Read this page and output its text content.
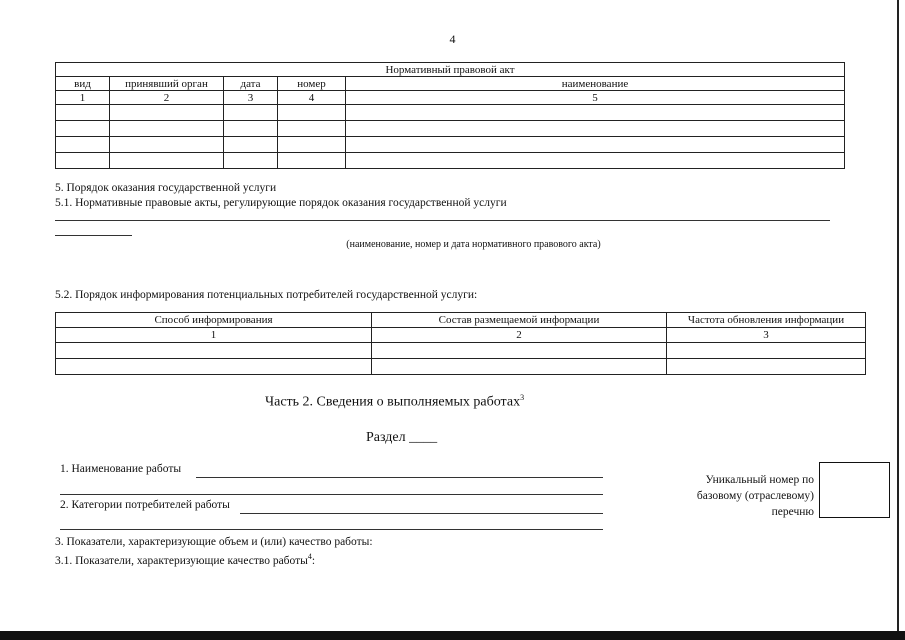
4
Нормативный правовой акт				
вид	принявший орган	дата	номер	наименование
1	2	3	4	5

5. Порядок оказания государственной услуги
5.1. Нормативные правовые акты, регулирующие порядок оказания государственной услуги
(наименование, номер и дата нормативного правового акта)
5.2. Порядок информирования потенциальных потребителей государственной услуги:
Способ информирования	Состав размещаемой информации	Частота обновления информации
1	2	3

Часть 2. Сведения о выполняемых работах$^3$
Раздел ____
1. Наименование работы
2. Категории потребителей работы
Уникальный номер по
базовому (отраслевому)
перечню
3. Показатели, характеризующие объем и (или) качество работы:
3.1. Показатели, характеризующие качество работы$^4$:
